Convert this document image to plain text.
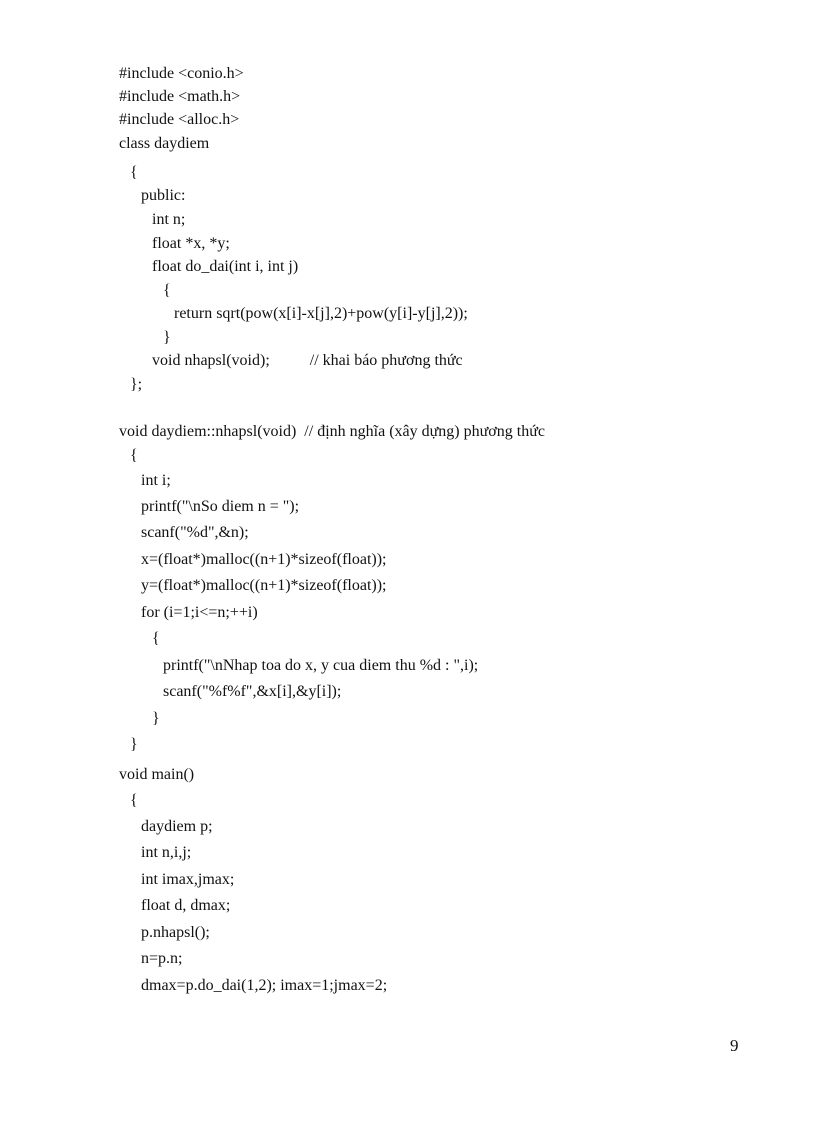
#include <conio.h>
#include <math.h>
#include <alloc.h>
class daydiem
{
public:
int n;
float *x, *y;
float do_dai(int i, int j)
{
return sqrt(pow(x[i]-x[j],2)+pow(y[i]-y[j],2));
}
void nhapsl(void);          // khai báo phương thức
};
void daydiem::nhapsl(void)  // định nghĩa (xây dựng) phương thức
{
int i;
printf("\nSo diem n = ");
scanf("%d",&n);
x=(float*)malloc((n+1)*sizeof(float));
y=(float*)malloc((n+1)*sizeof(float));
for (i=1;i<=n;++i)
{
printf("\nNhap toa do x, y cua diem thu %d : ",i);
scanf("%f%f",&x[i],&y[i]);
}
}
void main()
{
daydiem p;
int n,i,j;
int imax,jmax;
float d, dmax;
p.nhapsl();
n=p.n;
dmax=p.do_dai(1,2); imax=1;jmax=2;
9
